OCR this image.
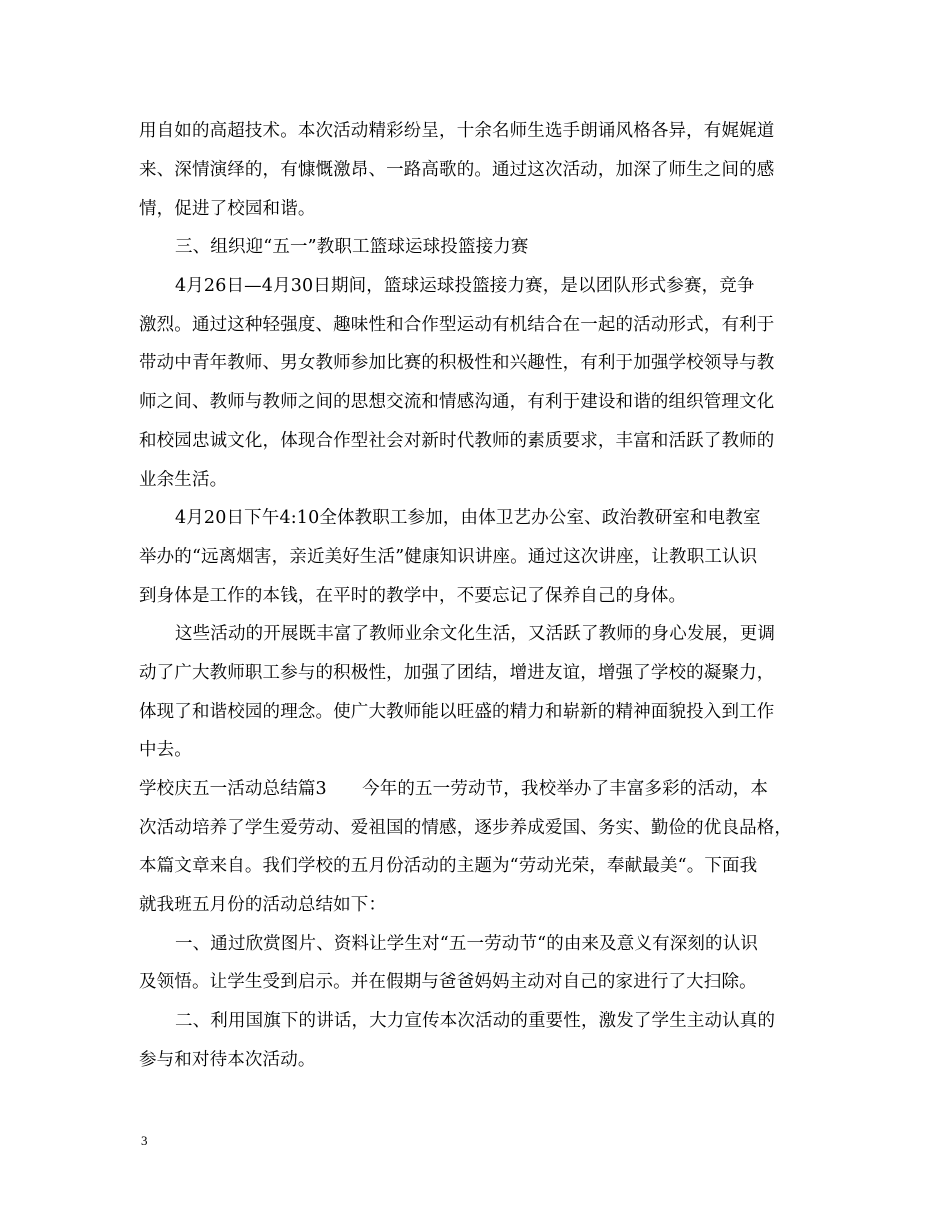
用自如的高超技术。本次活动精彩纷呈，十余名师生选手朗诵风格各异，有娓娓道
来、深情演绎的，有慷慨激昂、一路高歌的。通过这次活动，加深了师生之间的感
情，促进了校园和谐。
三、组织迎“五一”教职工篮球运球投篮接力赛
4月26日—4月30日期间，篮球运球投篮接力赛，是以团队形式参赛，竞争
激烈。通过这种轻强度、趣味性和合作型运动有机结合在一起的活动形式，有利于
带动中青年教师、男女教师参加比赛的积极性和兴趣性，有利于加强学校领导与教
师之间、教师与教师之间的思想交流和情感沟通，有利于建设和谐的组织管理文化
和校园忠诚文化，体现合作型社会对新时代教师的素质要求，丰富和活跃了教师的
业余生活。
4月20日下午4:10全体教职工参加，由体卫艺办公室、政治教研室和电教室
举办的“远离烟害，亲近美好生活”健康知识讲座。通过这次讲座，让教职工认识
到身体是工作的本钱，在平时的教学中，不要忘记了保养自己的身体。
这些活动的开展既丰富了教师业余文化生活，又活跃了教师的身心发展，更调
动了广大教师职工参与的积极性，加强了团结，增进友谊，增强了学校的凝聚力，
体现了和谐校园的理念。使广大教师能以旺盛的精力和崭新的精神面貌投入到工作
中去。
学校庆五一活动总结篇3　　今年的五一劳动节，我校举办了丰富多彩的活动，本
次活动培养了学生爱劳动、爱祖国的情感，逐步养成爱国、务实、勤俭的优良品格，
本篇文章来自。我们学校的五月份活动的主题为“劳动光荣，奉献最美“。下面我
就我班五月份的活动总结如下：
一、通过欣赏图片、资料让学生对“五一劳动节“的由来及意义有深刻的认识
及领悟。让学生受到启示。并在假期与爸爸妈妈主动对自己的家进行了大扫除。
二、利用国旗下的讲话，大力宣传本次活动的重要性，激发了学生主动认真的
参与和对待本次活动。
3
